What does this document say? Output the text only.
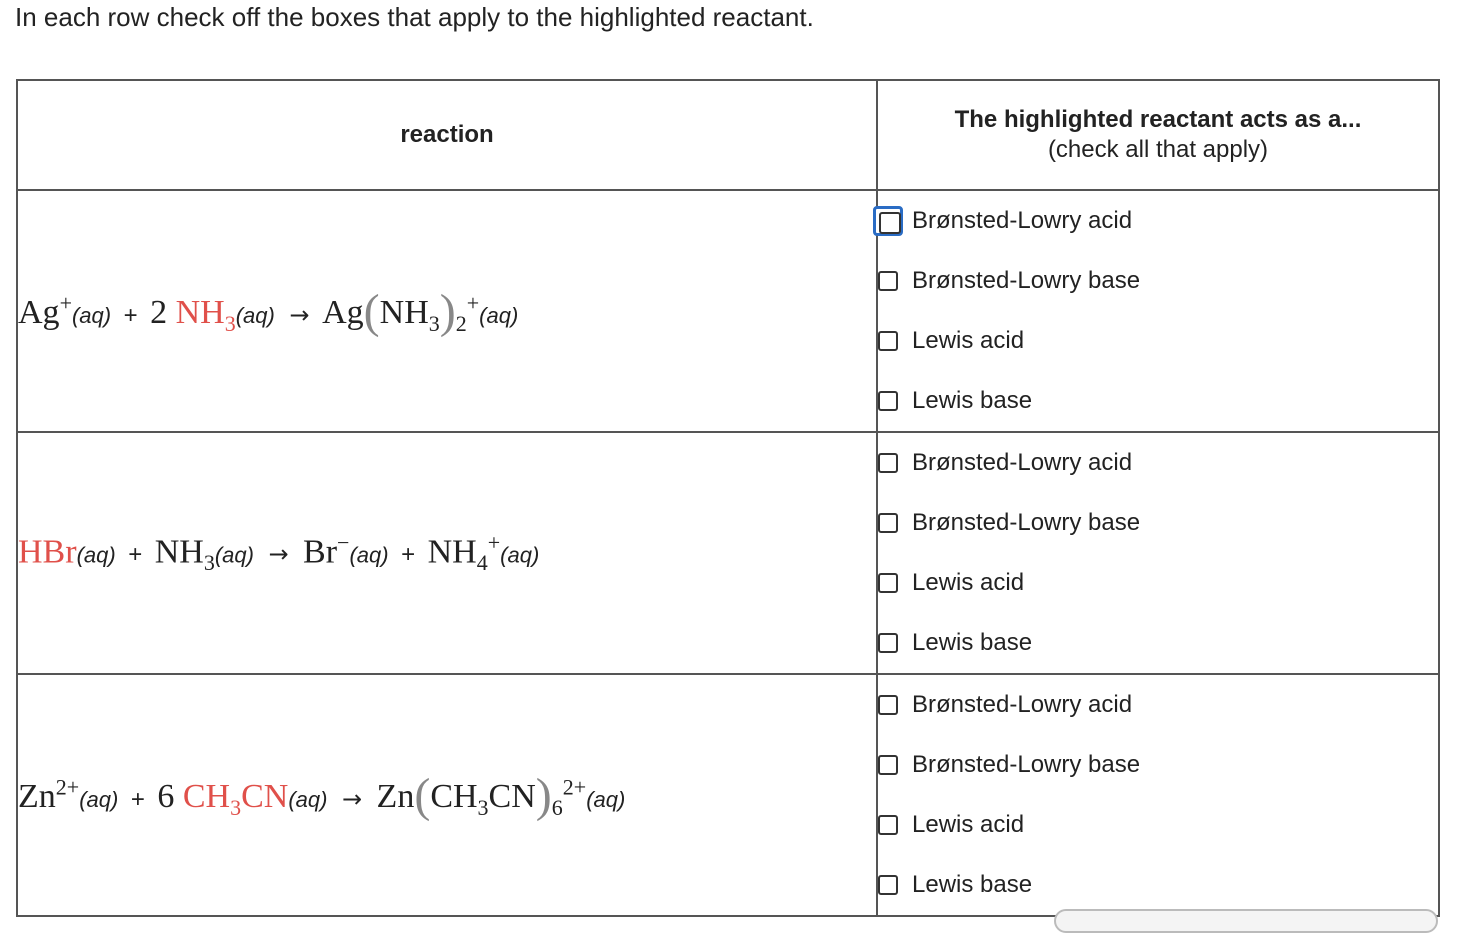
In each row check off the boxes that apply to the highlighted reactant.
reaction	The highlighted reactant acts as a...
(check all that apply)

Ag+(aq) + 2 $NH_3(aq) \to Ag(NH_3)_2^+(aq)$	Brønsted-Lowry acid
Brønsted-Lowry base
Lewis acid
Lewis base

$HBr(aq) + NH_3(aq) \to Br^-(aq) + NH_4^+(aq)$	Brønsted-Lowry acid
Brønsted-Lowry base
Lewis acid
Lewis base

$Zn^{2+}(aq) + 6$ $CH_3CN(aq) \to Zn(CH_3CN)_6^{2+}(aq)$	Brønsted-Lowry acid
Brønsted-Lowry base
Lewis acid
Lewis base
